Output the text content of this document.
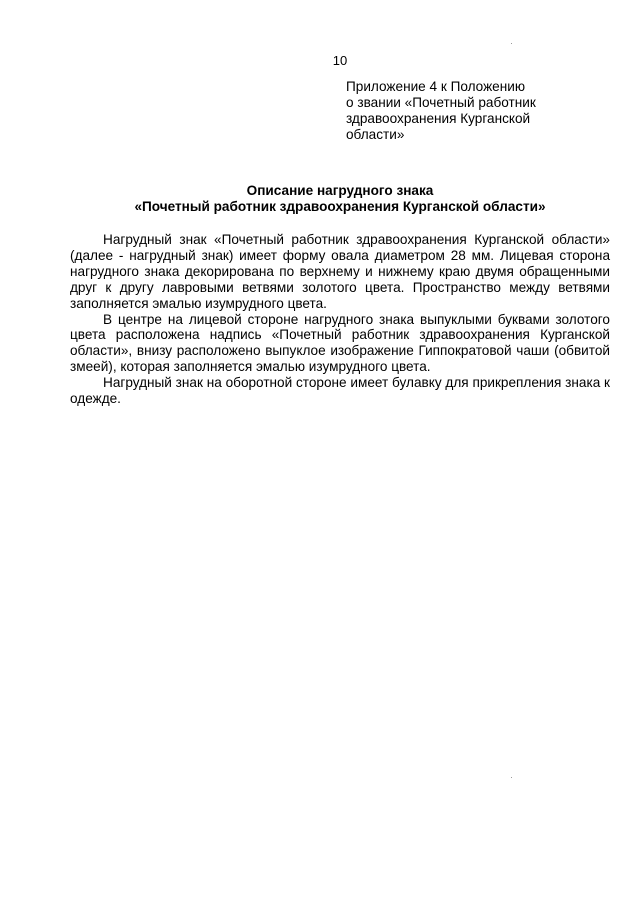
10
Приложение 4 к Положению
о звании «Почетный работник
здравоохранения Курганской
области»
Описание нагрудного знака
«Почетный работник здравоохранения Курганской области»

Нагрудный знак «Почетный работник здравоохранения Курганской области» (далее - нагрудный знак) имеет форму овала диаметром 28 мм. Лицевая сторона нагрудного знака декорирована по верхнему и нижнему краю двумя обращенными друг к другу лавровыми ветвями золотого цвета. Пространство между ветвями заполняется эмалью изумрудного цвета.

В центре на лицевой стороне нагрудного знака выпуклыми буквами золотого цвета расположена надпись «Почетный работник здравоохранения Курганской области», внизу расположено выпуклое изображение Гиппократовой чаши (обвитой змеей), которая заполняется эмалью изумрудного цвета.

Нагрудный знак на оборотной стороне имеет булавку для прикрепления знака к одежде.
